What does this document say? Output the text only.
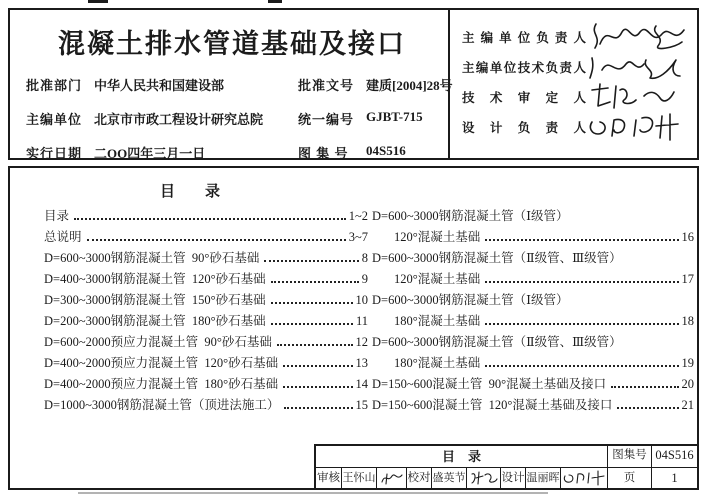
混凝土排水管道基础及接口
批准部门 中华人民共和国建设部	批准文号 建质[2004]28号
主编单位 北京市市政工程设计研究总院	统一编号 GJBT-715
实行日期 二OO四年三月一日	图 集 号	04S516
主编单位负责人
主编单位技术负责人
技 术 审 定 人
设 计 负 责 人
目　　录
目录	1~2
总说明	3~7
D=600~3000钢筋混凝土管  90°砂石基础	8
D=400~3000钢筋混凝土管  120°砂石基础	9
D=300~3000钢筋混凝土管  150°砂石基础	10
D=200~3000钢筋混凝土管  180°砂石基础	11
D=600~2000预应力混凝土管  90°砂石基础	12
D=400~2000预应力混凝土管  120°砂石基础	13
D=400~2000预应力混凝土管  180°砂石基础	14
D=1000~3000钢筋混凝土管（顶进法施工）	15
D=600~3000钢筋混凝土管（Ⅰ级管）
120°混凝土基础	16
D=600~3000钢筋混凝土管（Ⅱ级管、Ⅲ级管）
120°混凝土基础	17
D=600~3000钢筋混凝土管（Ⅰ级管）
180°混凝土基础	18
D=600~3000钢筋混凝土管（Ⅱ级管、Ⅲ级管）
180°混凝土基础	19
D=150~600混凝土管  90°混凝土基础及接口	20
D=150~600混凝土管  120°混凝土基础及接口	21
目　录	图集号 04S516
审核 王怀山	校对 盛英节	设计 温丽晖	页	1
